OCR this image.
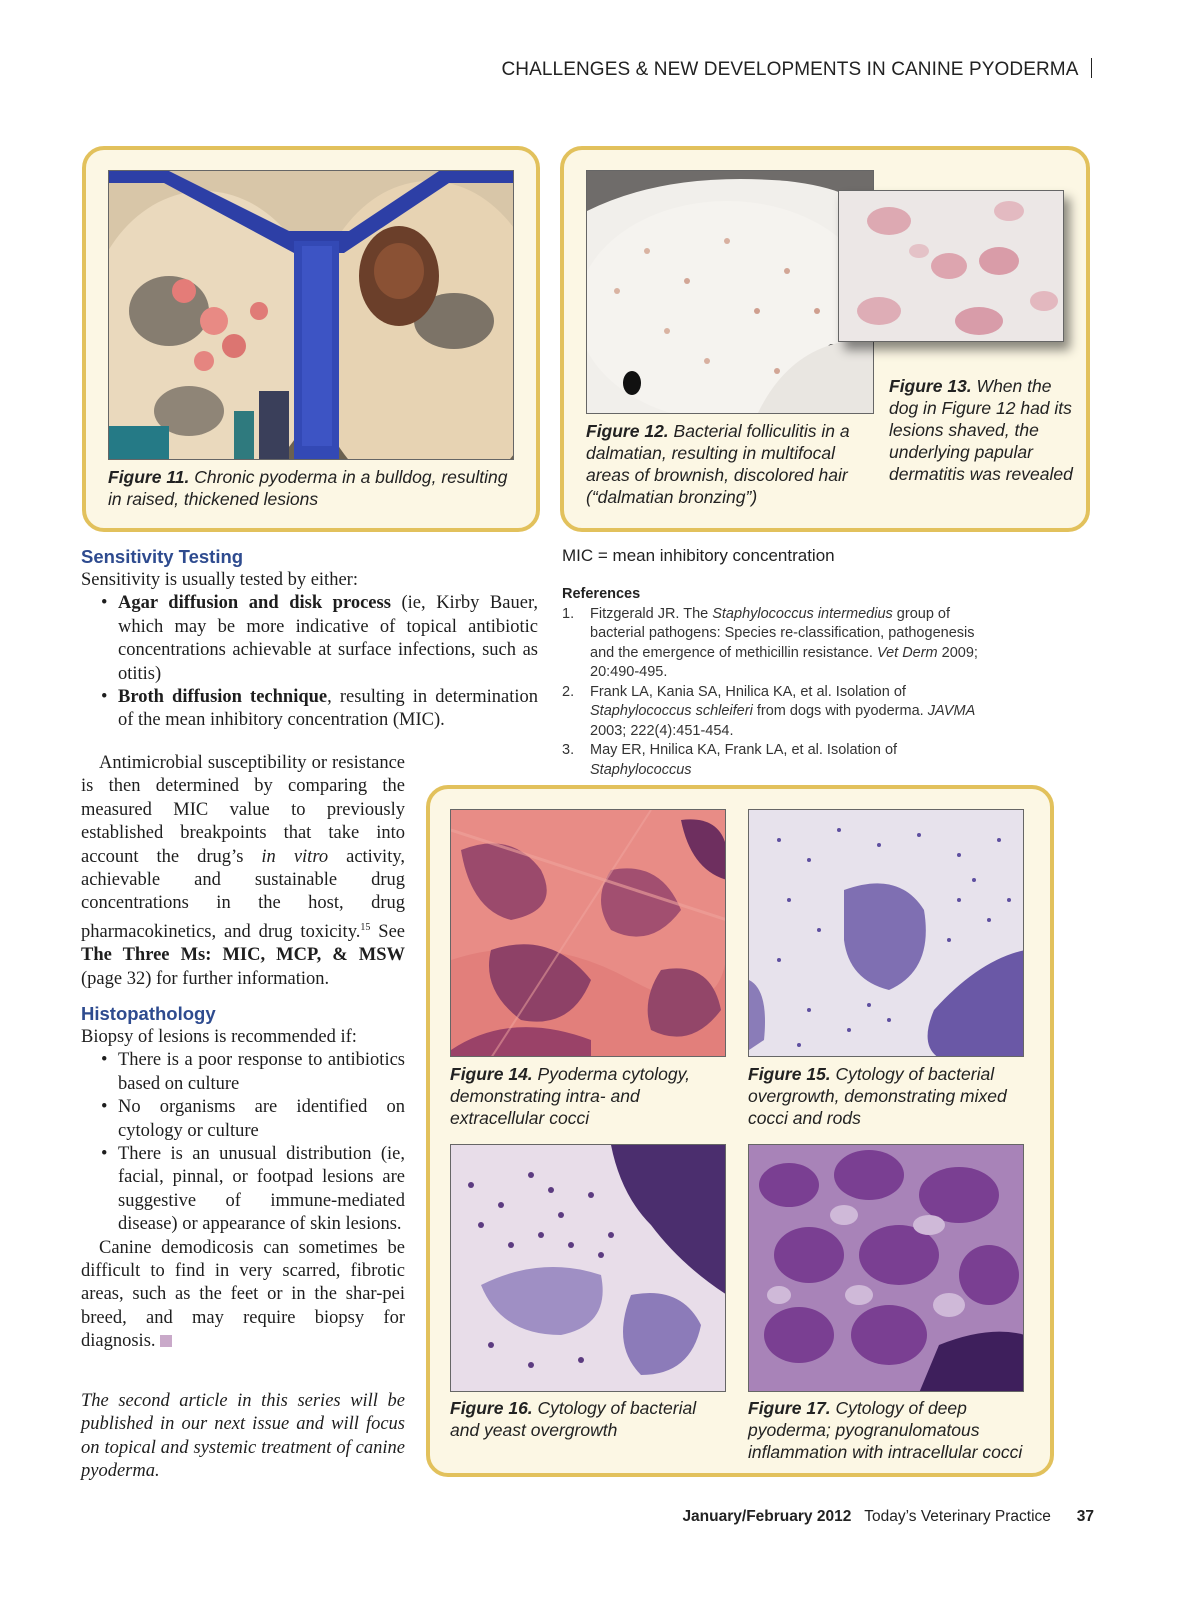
CHALLENGES & NEW DEVELOPMENTS IN CANINE PYODERMA
Figure 11. Chronic pyoderma in a bulldog, resulting in raised, thickened lesions
Figure 12. Bacterial folliculitis in a dalmatian, resulting in multifocal areas of brownish, discolored hair (“dalmatian bronzing”)
Figure 13. When the dog in Figure 12 had its lesions shaved, the underlying papular dermatitis was revealed
Sensitivity Testing
Sensitivity is usually tested by either:
• Agar diffusion and disk process (ie, Kirby Bauer, which may be more indicative of topical antibiotic concentrations achievable at surface infections, such as otitis)
• Broth diffusion technique, resulting in determination of the mean inhibitory concentration (MIC).
Antimicrobial susceptibility or resistance is then determined by comparing the measured MIC value to previously established breakpoints that take into account the drug’s in vitro activity, achievable and sustainable drug concentrations in the host, drug pharmacokinetics, and drug toxicity.$^{15}$ See The Three Ms: MIC, MCP, & MSW (page 32) for further information.
Histopathology
Biopsy of lesions is recommended if:
• There is a poor response to antibiotics based on culture
• No organisms are identified on cytology or culture
• There is an unusual distribution (ie, facial, pinnal, or footpad lesions are suggestive of immune-mediated disease) or appearance of skin lesions.
Canine demodicosis can sometimes be difficult to find in very scarred, fibrotic areas, such as the feet or in the shar-pei breed, and may require biopsy for diagnosis.
The second article in this series will be published in our next issue and will focus on topical and systemic treatment of canine pyoderma.
MIC = mean inhibitory concentration
References
1. Fitzgerald JR. The Staphylococcus intermedius group of bacterial pathogens: Species re-classification, pathogenesis and the emergence of methicillin resistance. Vet Derm 2009; 20:490-495.
2. Frank LA, Kania SA, Hnilica KA, et al. Isolation of Staphylococcus schleiferi from dogs with pyoderma. JAVMA 2003; 222(4):451-454.
3. May ER, Hnilica KA, Frank LA, et al. Isolation of Staphylococcus
Figure 14. Pyoderma cytology, demonstrating intra- and extracellular cocci
Figure 15. Cytology of bacterial overgrowth, demonstrating mixed cocci and rods
Figure 16. Cytology of bacterial and yeast overgrowth
Figure 17. Cytology of deep pyoderma; pyogranulomatous inflammation with intracellular cocci
January/February 2012 Today’s Veterinary Practice 37
